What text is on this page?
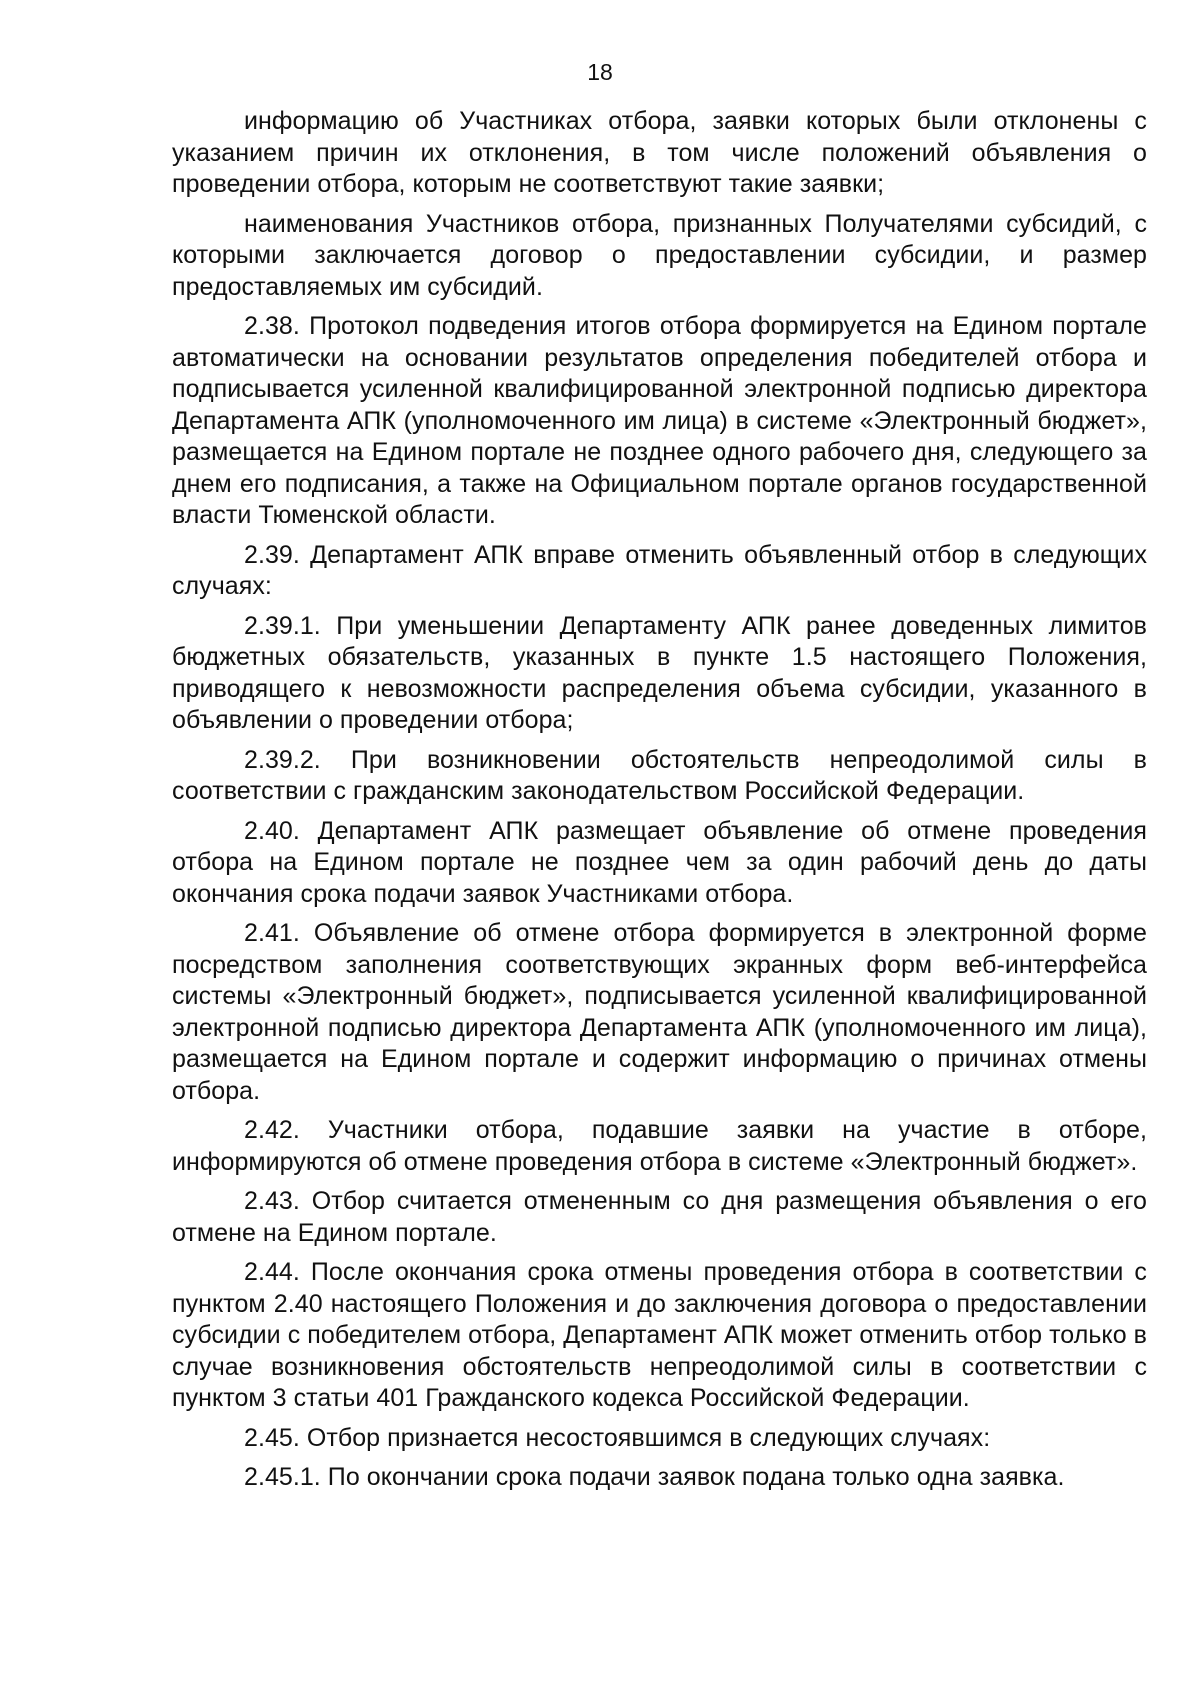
18

информацию об Участниках отбора, заявки которых были отклонены с указанием причин их отклонения, в том числе положений объявления о проведении отбора, которым не соответствуют такие заявки;

наименования Участников отбора, признанных Получателями субсидий, с которыми заключается договор о предоставлении субсидии, и размер предоставляемых им субсидий.

2.38. Протокол подведения итогов отбора формируется на Едином портале автоматически на основании результатов определения победителей отбора и подписывается усиленной квалифицированной электронной подписью директора Департамента АПК (уполномоченного им лица) в системе «Электронный бюджет», размещается на Едином портале не позднее одного рабочего дня, следующего за днем его подписания, а также на Официальном портале органов государственной власти Тюменской области.

2.39. Департамент АПК вправе отменить объявленный отбор в следующих случаях:

2.39.1. При уменьшении Департаменту АПК ранее доведенных лимитов бюджетных обязательств, указанных в пункте 1.5 настоящего Положения, приводящего к невозможности распределения объема субсидии, указанного в объявлении о проведении отбора;

2.39.2. При возникновении обстоятельств непреодолимой силы в соответствии с гражданским законодательством Российской Федерации.

2.40. Департамент АПК размещает объявление об отмене проведения отбора на Едином портале не позднее чем за один рабочий день до даты окончания срока подачи заявок Участниками отбора.

2.41. Объявление об отмене отбора формируется в электронной форме посредством заполнения соответствующих экранных форм веб-интерфейса системы «Электронный бюджет», подписывается усиленной квалифицированной электронной подписью директора Департамента АПК (уполномоченного им лица), размещается на Едином портале и содержит информацию о причинах отмены отбора.

2.42. Участники отбора, подавшие заявки на участие в отборе, информируются об отмене проведения отбора в системе «Электронный бюджет».

2.43. Отбор считается отмененным со дня размещения объявления о его отмене на Едином портале.

2.44. После окончания срока отмены проведения отбора в соответствии с пунктом 2.40 настоящего Положения и до заключения договора о предоставлении субсидии с победителем отбора, Департамент АПК может отменить отбор только в случае возникновения обстоятельств непреодолимой силы в соответствии с пунктом 3 статьи 401 Гражданского кодекса Российской Федерации.

2.45. Отбор признается несостоявшимся в следующих случаях:

2.45.1. По окончании срока подачи заявок подана только одна заявка.
